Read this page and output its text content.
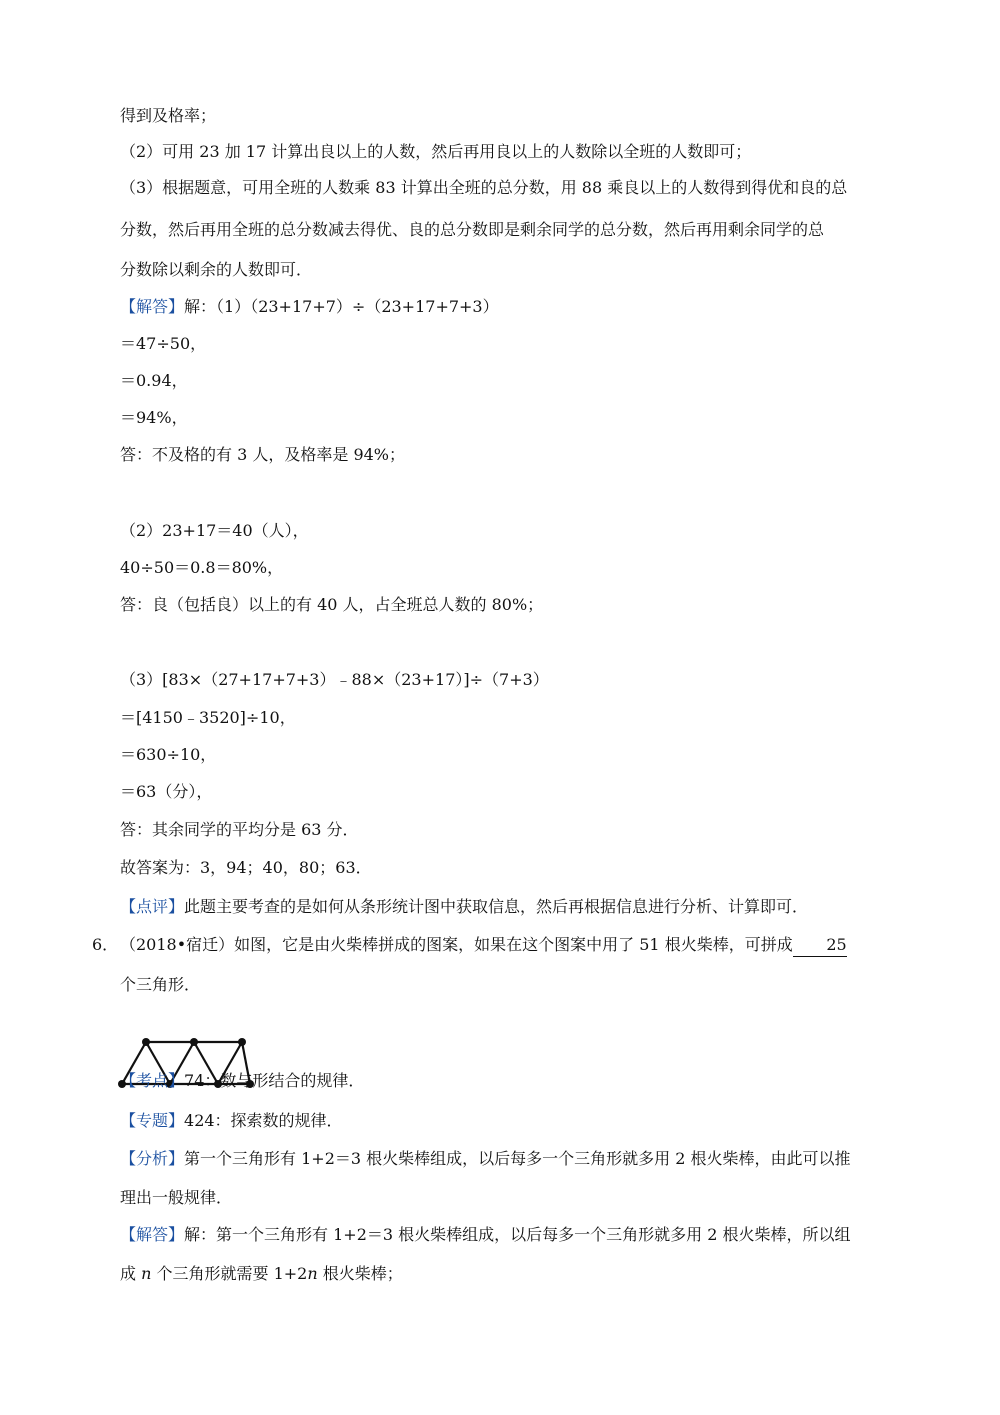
得到及格率；
（2）可用 23 加 17 计算出良以上的人数，然后再用良以上的人数除以全班的人数即可；
（3）根据题意，可用全班的人数乘 83 计算出全班的总分数，用 88 乘良以上的人数得到得优和良的总
分数，然后再用全班的总分数减去得优、良的总分数即是剩余同学的总分数，然后再用剩余同学的总
分数除以剩余的人数即可．
【解答】解：（1）（23+17+7）÷（23+17+7+3）
＝47÷50，
＝0.94，
＝94%，
答：不及格的有 3 人，及格率是 94%；
（2）23+17＝40（人），
40÷50＝0.8＝80%，
答：良（包括良）以上的有 40 人，占全班总人数的 80%；
（3）[83×（27+17+7+3）﹣88×（23+17）]÷（7+3）
＝[4150﹣3520]÷10，
＝630÷10，
＝63（分），
答：其余同学的平均分是 63 分．
故答案为：3，94；40，80；63．
【点评】此题主要考查的是如何从条形统计图中获取信息，然后再根据信息进行分析、计算即可．
6． （2018•宿迁）如图，它是由火柴棒拼成的图案，如果在这个图案中用了 51 根火柴棒，可拼成 25
个三角形．
【考点】74：数与形结合的规律．
【专题】424：探索数的规律．
【分析】第一个三角形有 1+2＝3 根火柴棒组成，以后每多一个三角形就多用 2 根火柴棒，由此可以推
理出一般规律．
【解答】解：第一个三角形有 1+2＝3 根火柴棒组成，以后每多一个三角形就多用 2 根火柴棒，所以组
成 n 个三角形就需要 1+2n 根火柴棒；
